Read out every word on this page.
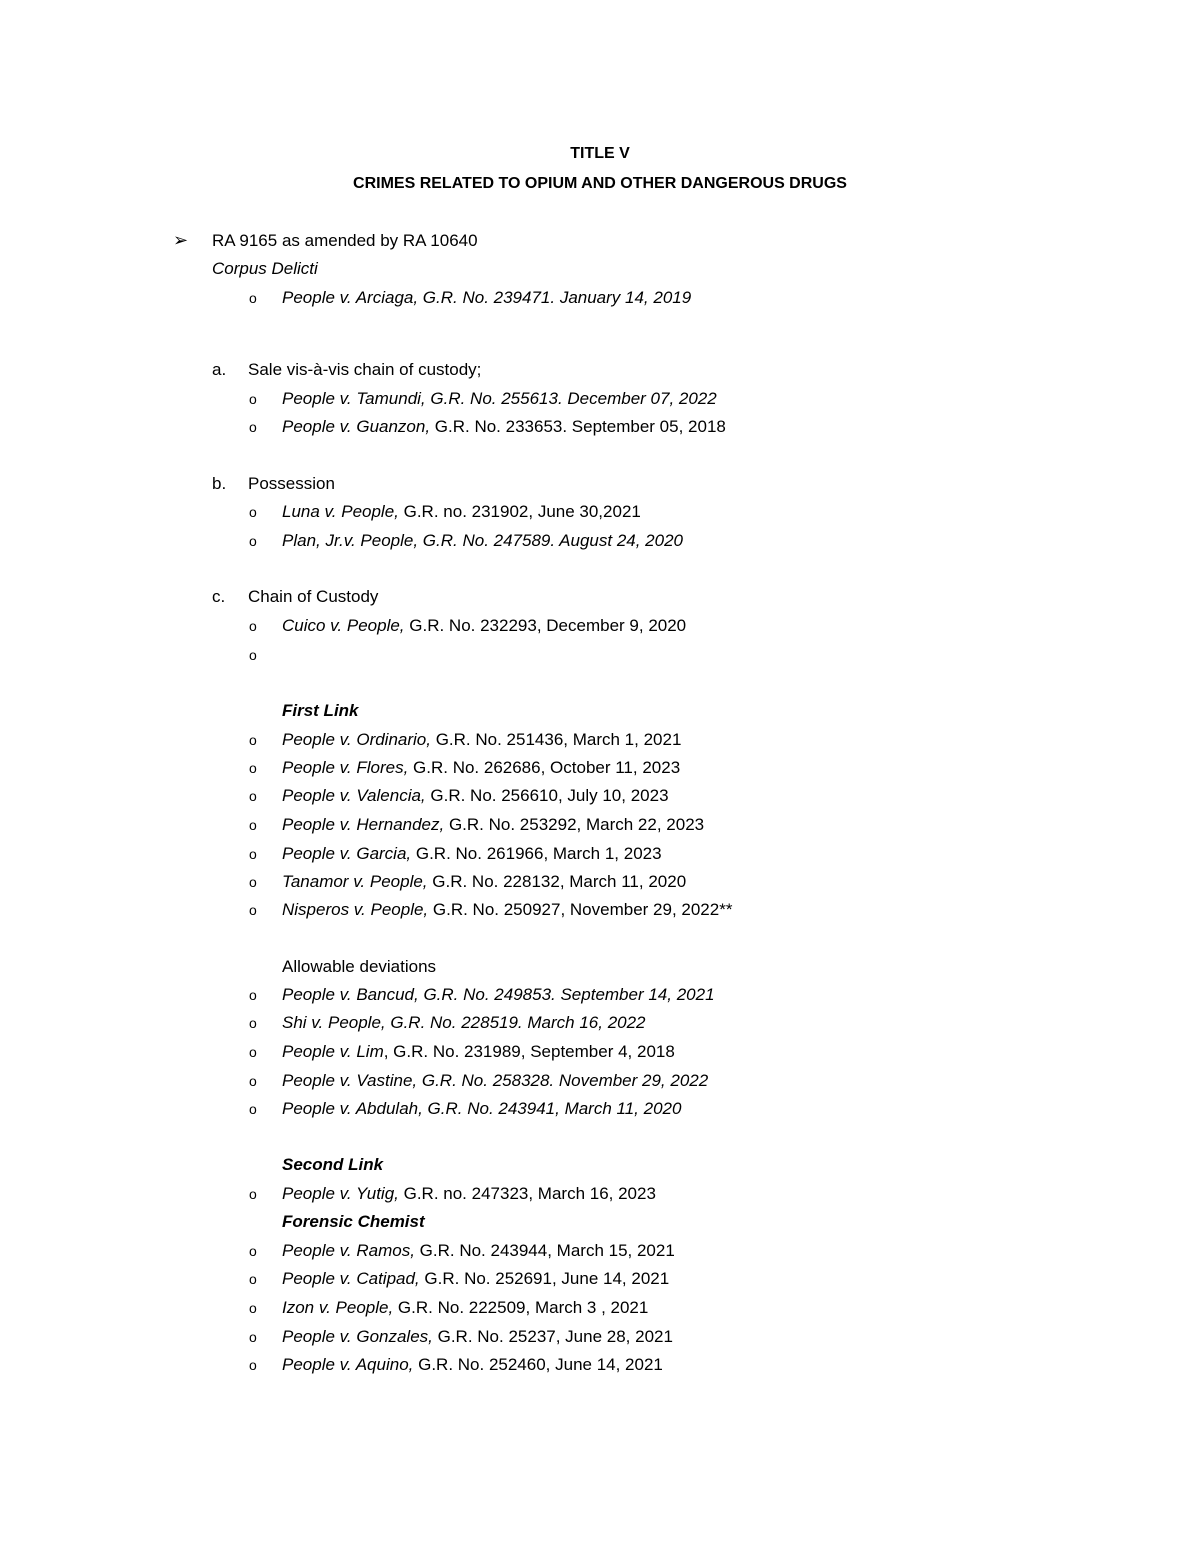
TITLE V
CRIMES RELATED TO OPIUM AND OTHER DANGEROUS DRUGS
➢ RA 9165 as amended by RA 10640
Corpus Delicti
o People v. Arciaga, G.R. No. 239471. January 14, 2019
a. Sale vis-à-vis chain of custody;
o People v. Tamundi, G.R. No. 255613. December 07, 2022
o People v. Guanzon, G.R. No. 233653. September 05, 2018
b. Possession
o Luna v. People, G.R. no. 231902, June 30,2021
o Plan, Jr.v. People, G.R. No. 247589. August 24, 2020
c. Chain of Custody
o Cuico v. People, G.R. No. 232293, December 9, 2020
o
First Link
o People v. Ordinario, G.R. No. 251436, March 1, 2021
o People v. Flores, G.R. No. 262686, October 11, 2023
o People v. Valencia, G.R. No. 256610, July 10, 2023
o People v. Hernandez, G.R. No. 253292, March 22, 2023
o People v. Garcia, G.R. No. 261966, March 1, 2023
o Tanamor v. People, G.R. No. 228132, March 11, 2020
o Nisperos v. People, G.R. No. 250927, November 29, 2022**
Allowable deviations
o People v. Bancud, G.R. No. 249853. September 14, 2021
o Shi v. People, G.R. No. 228519. March 16, 2022
o People v. Lim, G.R. No. 231989, September 4, 2018
o People v. Vastine, G.R. No. 258328. November 29, 2022
o People v. Abdulah, G.R. No. 243941, March 11, 2020
Second Link
o People v. Yutig, G.R. no. 247323, March 16, 2023
Forensic Chemist
o People v. Ramos, G.R. No. 243944, March 15, 2021
o People v. Catipad, G.R. No. 252691, June 14, 2021
o Izon v. People, G.R. No. 222509, March 3 , 2021
o People v. Gonzales, G.R. No. 25237, June 28, 2021
o People v. Aquino, G.R. No. 252460, June 14, 2021
